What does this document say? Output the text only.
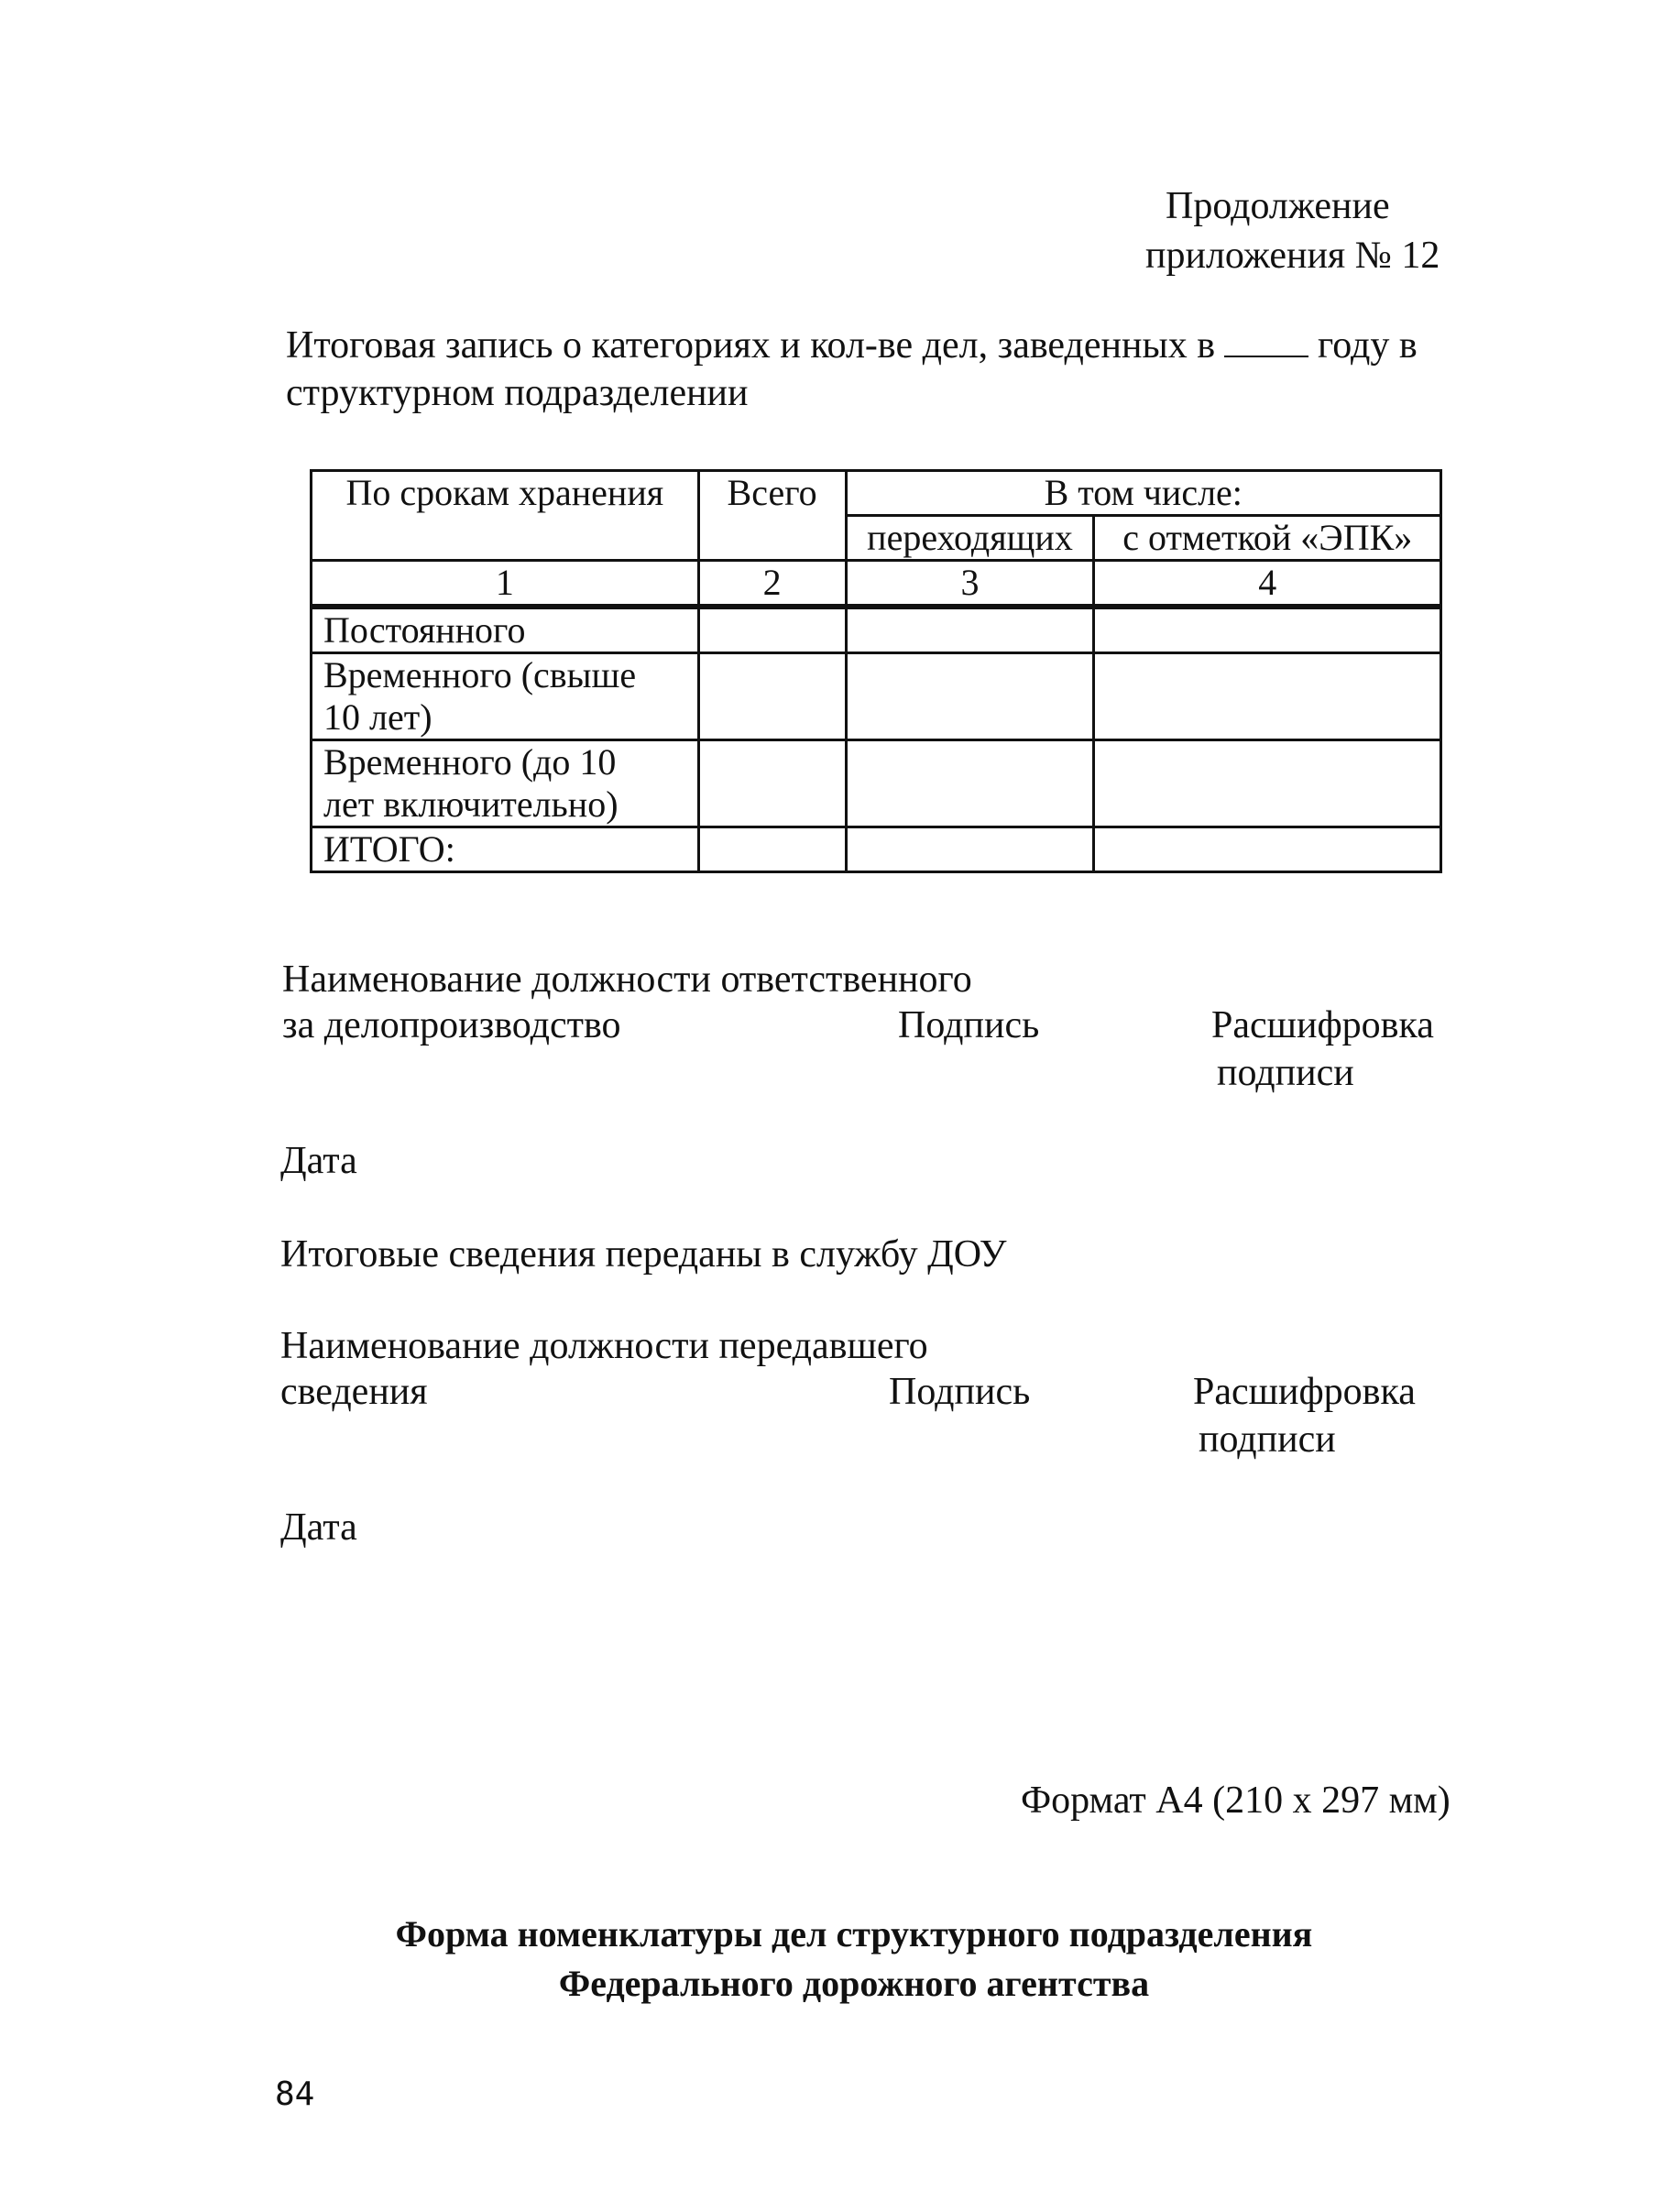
Продолжение
приложения № 12
Итоговая запись о категориях и кол-ве дел, заведенных в	году в
структурном подразделении
По срокам хранения	Всего	В том числе:	
		переходящих	с отметкой «ЭПК»
1	2	3	4
Постоянного			

Временного (свыше
10 лет)			

Временного (до 10
лет включительно)			

ИТОГО:			
Наименование должности ответственного
за делопроизводство	Подпись	Расшифровка
подписи
Дата
Итоговые сведения переданы в службу ДОУ
Наименование должности передавшего
сведения	Подпись	Расшифровка
подписи
Дата
Формат А4 (210 х 297 мм)
Форма номенклатуры дел структурного подразделения
Федерального дорожного агентства
84
